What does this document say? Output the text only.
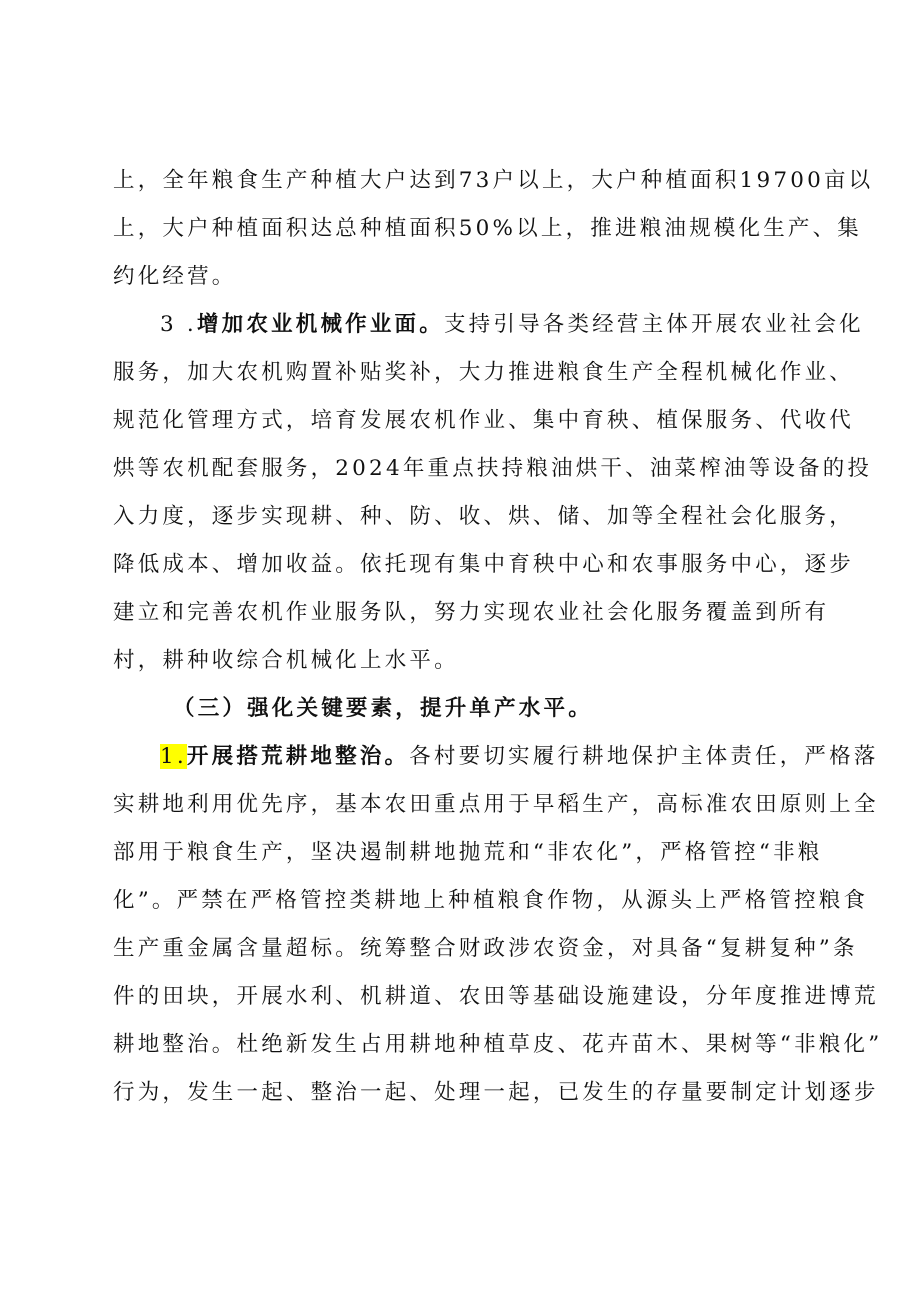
上，全年粮食生产种植大户达到73户以上，大户种植面积19700亩以
上，大户种植面积达总种植面积50%以上，推进粮油规模化生产、集
约化经营。
3 .增加农业机械作业面。支持引导各类经营主体开展农业社会化
服务，加大农机购置补贴奖补，大力推进粮食生产全程机械化作业、
规范化管理方式，培育发展农机作业、集中育秧、植保服务、代收代
烘等农机配套服务，2024年重点扶持粮油烘干、油菜榨油等设备的投
入力度，逐步实现耕、种、防、收、烘、储、加等全程社会化服务，
降低成本、增加收益。依托现有集中育秧中心和农事服务中心，逐步
建立和完善农机作业服务队，努力实现农业社会化服务覆盖到所有
村，耕种收综合机械化上水平。
（三）强化关键要素，提升单产水平。
1.开展搭荒耕地整治。各村要切实履行耕地保护主体责任，严格落
实耕地利用优先序，基本农田重点用于早稻生产，高标准农田原则上全
部用于粮食生产，坚决遏制耕地抛荒和“非农化”，严格管控“非粮
化”。严禁在严格管控类耕地上种植粮食作物，从源头上严格管控粮食
生产重金属含量超标。统筹整合财政涉农资金，对具备“复耕复种”条
件的田块，开展水利、机耕道、农田等基础设施建设，分年度推进博荒
耕地整治。杜绝新发生占用耕地种植草皮、花卉苗木、果树等“非粮化”
行为，发生一起、整治一起、处理一起，已发生的存量要制定计划逐步
